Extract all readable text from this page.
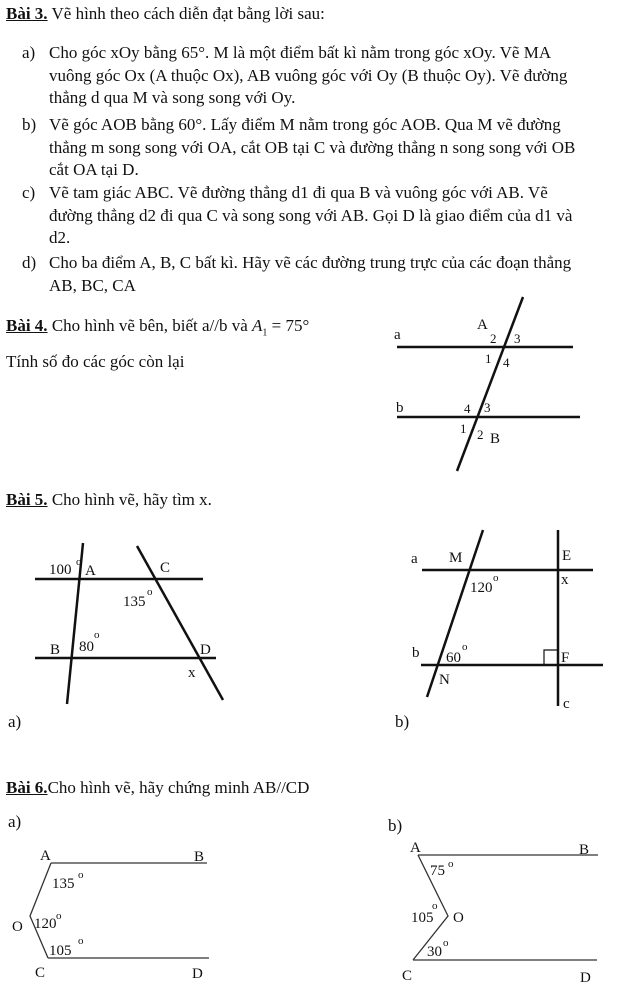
Bài 3. Vẽ hình theo cách diễn đạt bằng lời sau:
a) Cho góc xOy bằng 65°. M là một điểm bất kì nằm trong góc xOy. Vẽ MA
vuông góc Ox (A thuộc Ox), AB vuông góc với Oy (B thuộc Oy). Vẽ đường
thẳng d qua M và song song với Oy.
b) Vẽ góc AOB bằng 60°. Lấy điểm M nằm trong góc AOB. Qua M vẽ đường
thẳng m song song với OA, cắt OB tại C và đường thẳng n song song với OB
cắt OA tại D.
c) Vẽ tam giác ABC. Vẽ đường thẳng d1 đi qua B và vuông góc với AB. Vẽ
đường thẳng d2 đi qua C và song song với AB. Gọi D là giao điểm của d1 và
d2.
d) Cho ba điểm A, B, C bất kì. Hãy vẽ các đường trung trực của các đoạn thẳng
AB, BC, CA
Bài 4. Cho hình vẽ bên, biết a//b và $A_1 = 75^\circ$
Tính số đo các góc còn lại
a
b
A
2 3
1 4
4 3
1 2 B
Bài 5. Cho hình vẽ, hãy tìm x.
100 o
A	C
135
o
B 80
o
D
x
a)
a M	E
120
o	x
b 60
o
F
N
c
b)
Bài 6.Cho hình vẽ, hãy chứng minh AB//CD
a)
A	B
135
o
O 120 o
105
o
C	D
b)
A	B
75 o
105
o
O
30
o
C	D
